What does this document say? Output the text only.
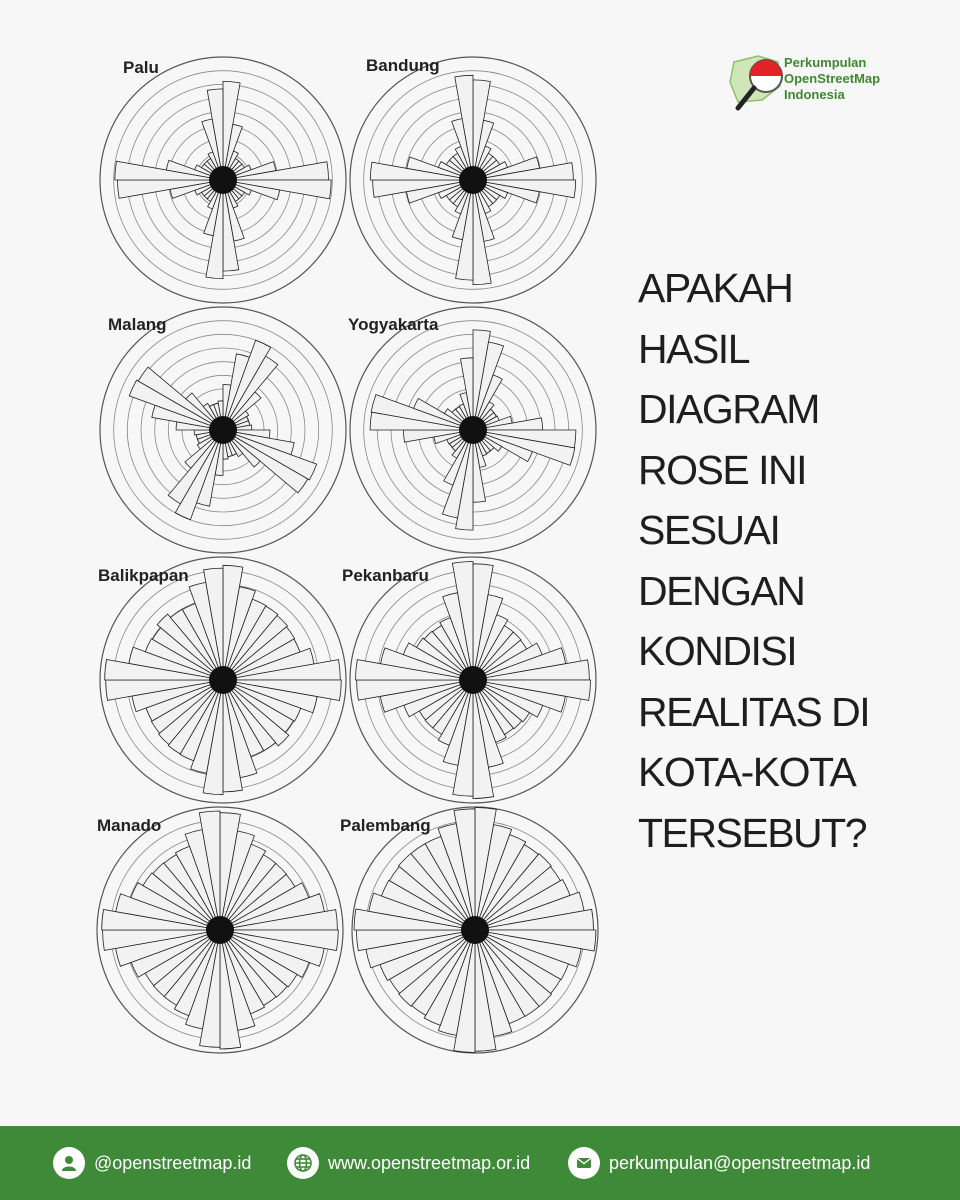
Palu	Bandung
Malang	Yogyakarta
Balikpapan	Pekanbaru
Manado	Palembang
Perkumpulan
OpenStreetMap
Indonesia
APAKAH
HASIL
DIAGRAM
ROSE INI
SESUAI
DENGAN
KONDISI
REALITAS DI
KOTA-KOTA
TERSEBUT?
@openstreetmap.id	www.openstreetmap.or.id	perkumpulan@openstreetmap.id
